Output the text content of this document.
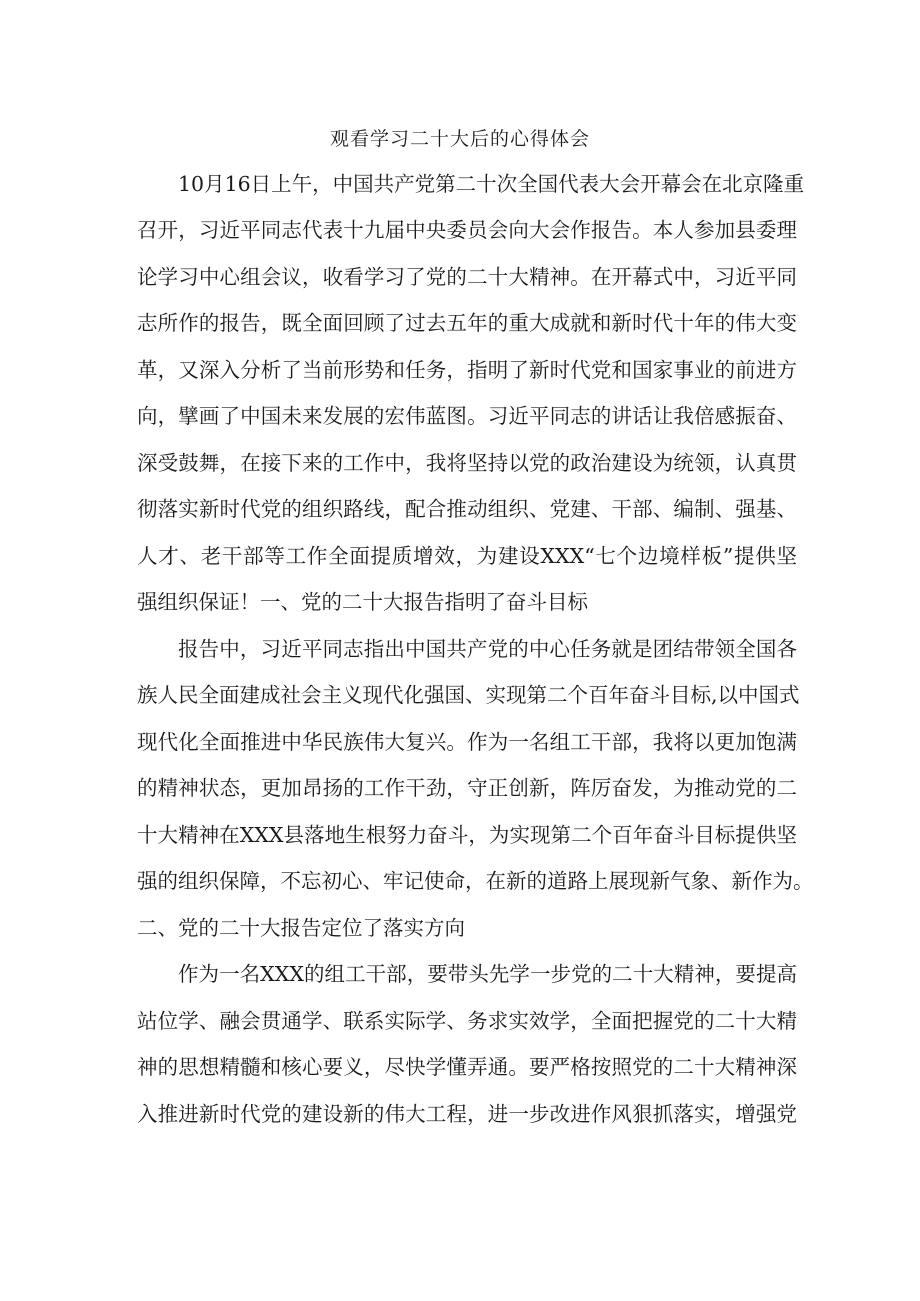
观看学习二十大后的心得体会
10月16日上午，中国共产党第二十次全国代表大会开幕会在北京隆重
召开，习近平同志代表十九届中央委员会向大会作报告。本人参加县委理
论学习中心组会议，收看学习了党的二十大精神。在开幕式中，习近平同
志所作的报告，既全面回顾了过去五年的重大成就和新时代十年的伟大变
革，又深入分析了当前形势和任务，指明了新时代党和国家事业的前进方
向，擘画了中国未来发展的宏伟蓝图。习近平同志的讲话让我倍感振奋、
深受鼓舞，在接下来的工作中，我将坚持以党的政治建设为统领，认真贯
彻落实新时代党的组织路线，配合推动组织、党建、干部、编制、强基、
人才、老干部等工作全面提质增效，为建设XXX“七个边境样板”提供坚
强组织保证！一、党的二十大报告指明了奋斗目标
报告中，习近平同志指出中国共产党的中心任务就是团结带领全国各
族人民全面建成社会主义现代化强国、实现第二个百年奋斗目标,以中国式
现代化全面推进中华民族伟大复兴。作为一名组工干部，我将以更加饱满
的精神状态，更加昂扬的工作干劲，守正创新，阵厉奋发，为推动党的二
十大精神在XXX县落地生根努力奋斗，为实现第二个百年奋斗目标提供坚
强的组织保障，不忘初心、牢记使命，在新的道路上展现新气象、新作为。
二、党的二十大报告定位了落实方向
作为一名XXX的组工干部，要带头先学一步党的二十大精神，要提高
站位学、融会贯通学、联系实际学、务求实效学，全面把握党的二十大精
神的思想精髓和核心要义，尽快学懂弄通。要严格按照党的二十大精神深
入推进新时代党的建设新的伟大工程，进一步改进作风狠抓落实，增强党
